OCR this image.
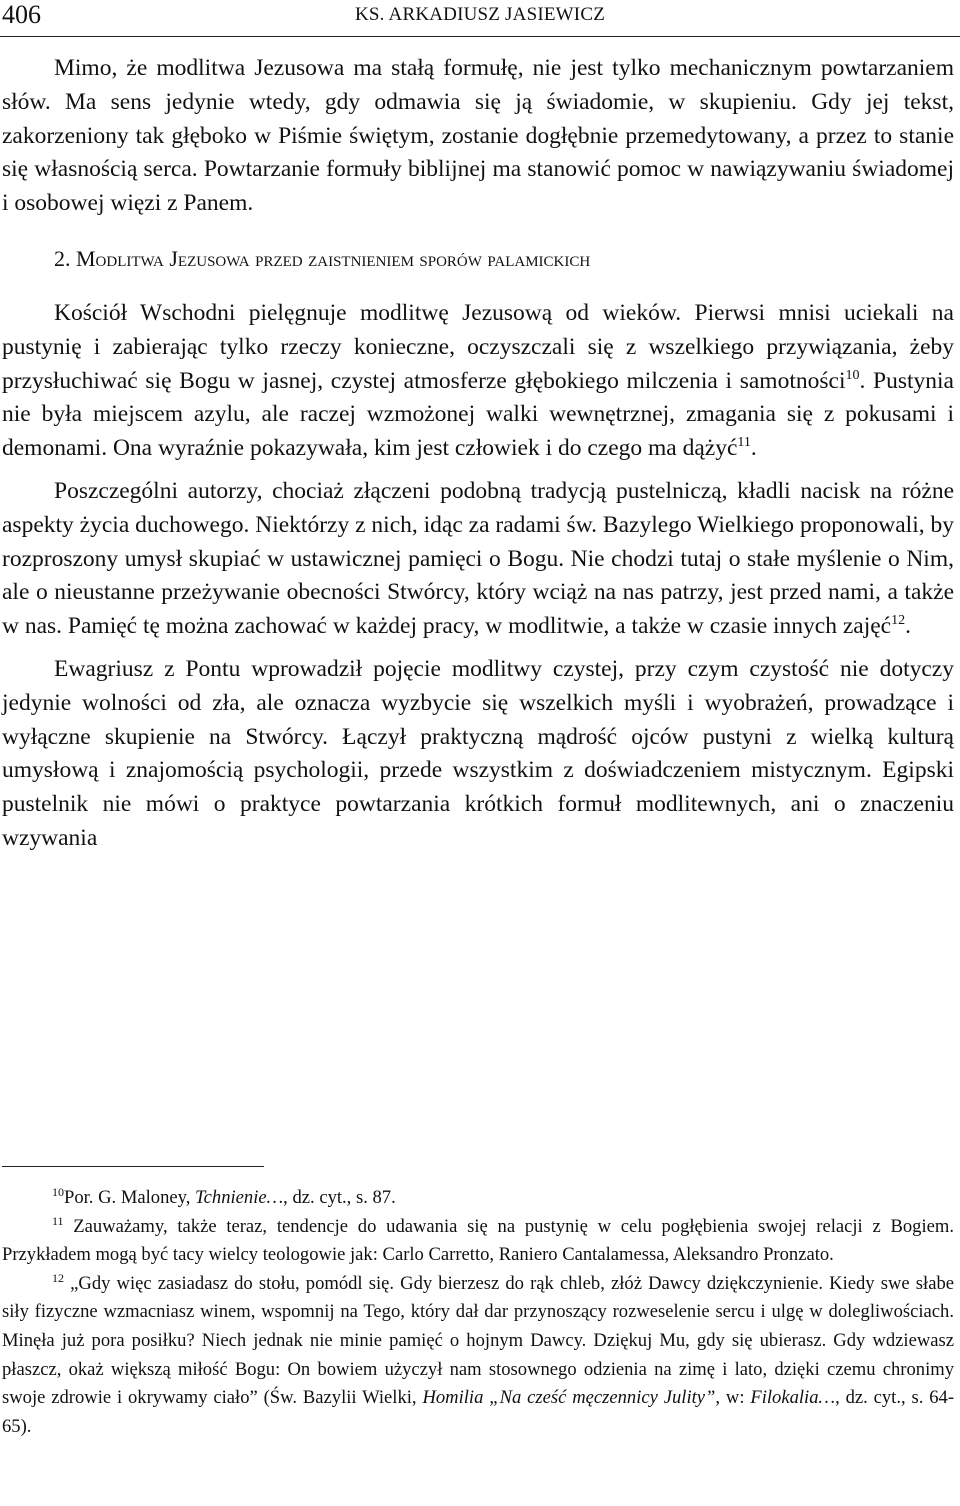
406	KS. ARKADIUSZ JASIEWICZ

Mimo, że modlitwa Jezusowa ma stałą formułę, nie jest tylko mechanicznym powtarzaniem słów. Ma sens jedynie wtedy, gdy odmawia się ją świadomie, w skupieniu. Gdy jej tekst, zakorzeniony tak głęboko w Piśmie świętym, zostanie dogłębnie przemedytowany, a przez to stanie się własnością serca. Powtarzanie formuły biblijnej ma stanowić pomoc w nawiązywaniu świadomej i osobowej więzi z Panem.

2. Modlitwa Jezusowa przed zaistnieniem sporów palamickich

Kościół Wschodni pielęgnuje modlitwę Jezusową od wieków. Pierwsi mnisi uciekali na pustynię i zabierając tylko rzeczy konieczne, oczyszczali się z wszelkiego przywiązania, żeby przysłuchiwać się Bogu w jasnej, czystej atmosferze głębokiego milczenia i samotności$^{10}$. Pustynia nie była miejscem azylu, ale raczej wzmożonej walki wewnętrznej, zmagania się z pokusami i demonami. Ona wyraźnie pokazywała, kim jest człowiek i do czego ma dążyć$^{11}$.

Poszczególni autorzy, chociaż złączeni podobną tradycją pustelniczą, kładli nacisk na różne aspekty życia duchowego. Niektórzy z nich, idąc za radami św. Bazylego Wielkiego proponowali, by rozproszony umysł skupiać w ustawicznej pamięci o Bogu. Nie chodzi tutaj o stałe myślenie o Nim, ale o nieustanne przeżywanie obecności Stwórcy, który wciąż na nas patrzy, jest przed nami, a także w nas. Pamięć tę można zachować w każdej pracy, w modlitwie, a także w czasie innych zajęć$^{12}$.

Ewagriusz z Pontu wprowadził pojęcie modlitwy czystej, przy czym czystość nie dotyczy jedynie wolności od zła, ale oznacza wyzbycie się wszelkich myśli i wyobrażeń, prowadzące i wyłączne skupienie na Stwórcy. Łączył praktyczną mądrość ojców pustyni z wielką kulturą umysłową i znajomością psychologii, przede wszystkim z doświadczeniem mistycznym. Egipski pustelnik nie mówi o praktyce powtarzania krótkich formuł modlitewnych, ani o znaczeniu wzywania

$^{10}$Por. G. Maloney, Tchnienie…, dz. cyt., s. 87.

$^{11}$ Zauważamy, także teraz, tendencje do udawania się na pustynię w celu pogłębienia swojej relacji z Bogiem. Przykładem mogą być tacy wielcy teologowie jak: Carlo Carretto, Raniero Cantalamessa, Aleksandro Pronzato.

$^{12}$ „Gdy więc zasiadasz do stołu, pomódl się. Gdy bierzesz do rąk chleb, złóż Dawcy dziękczynienie. Kiedy swe słabe siły fizyczne wzmacniasz winem, wspomnij na Tego, który dał dar przynoszący rozweselenie sercu i ulgę w dolegliwościach. Minęła już pora posiłku? Niech jednak nie minie pamięć o hojnym Dawcy. Dziękuj Mu, gdy się ubierasz. Gdy wdziewasz płaszcz, okaż większą miłość Bogu: On bowiem użyczył nam stosownego odzienia na zimę i lato, dzięki czemu chronimy swoje zdrowie i okrywamy ciało” (Św. Bazylii Wielki, Homilia „Na cześć męczennicy Julity”, w: Filokalia…, dz. cyt., s. 64-65).
